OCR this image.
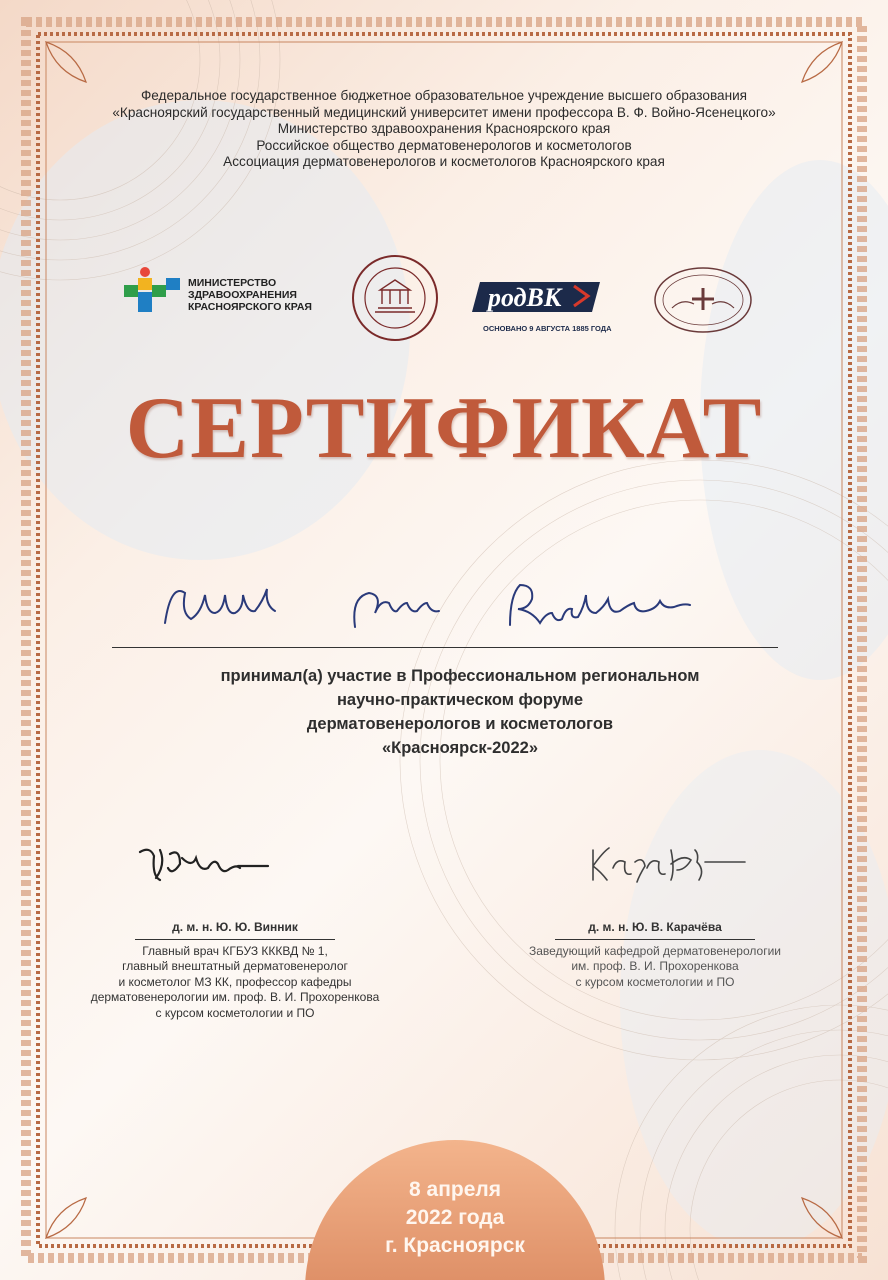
Федеральное государственное бюджетное образовательное учреждение высшего образования
«Красноярский государственный медицинский университет имени профессора В. Ф. Войно-Ясенецкого»
Министерство здравоохранения Красноярского края
Российское общество дерматовенерологов и косметологов
Ассоциация дерматовенерологов и косметологов Красноярского края
родВК
ОСНОВАНО 9 АВГУСТА 1885 ГОДА
МИНИСТЕРСТВО
ЗДРАВООХРАНЕНИЯ
КРАСНОЯРСКОГО КРАЯ
СЕРТИФИКАТ
принимал(а) участие в Профессиональном региональном
научно-практическом форуме
дерматовенерологов и косметологов
«Красноярск-2022»
д. м. н. Ю. Ю. Винник
Главный врач КГБУЗ КККВД № 1,
главный внештатный дерматовенеролог
и косметолог МЗ КК, профессор кафедры
дерматовенерологии им. проф. В. И. Прохоренкова
с курсом косметологии и ПО
д. м. н. Ю. В. Карачёва
Заведующий кафедрой дерматовенерологии
им. проф. В. И. Прохоренкова
с курсом косметологии и ПО
8 апреля
2022 года
г. Красноярск
